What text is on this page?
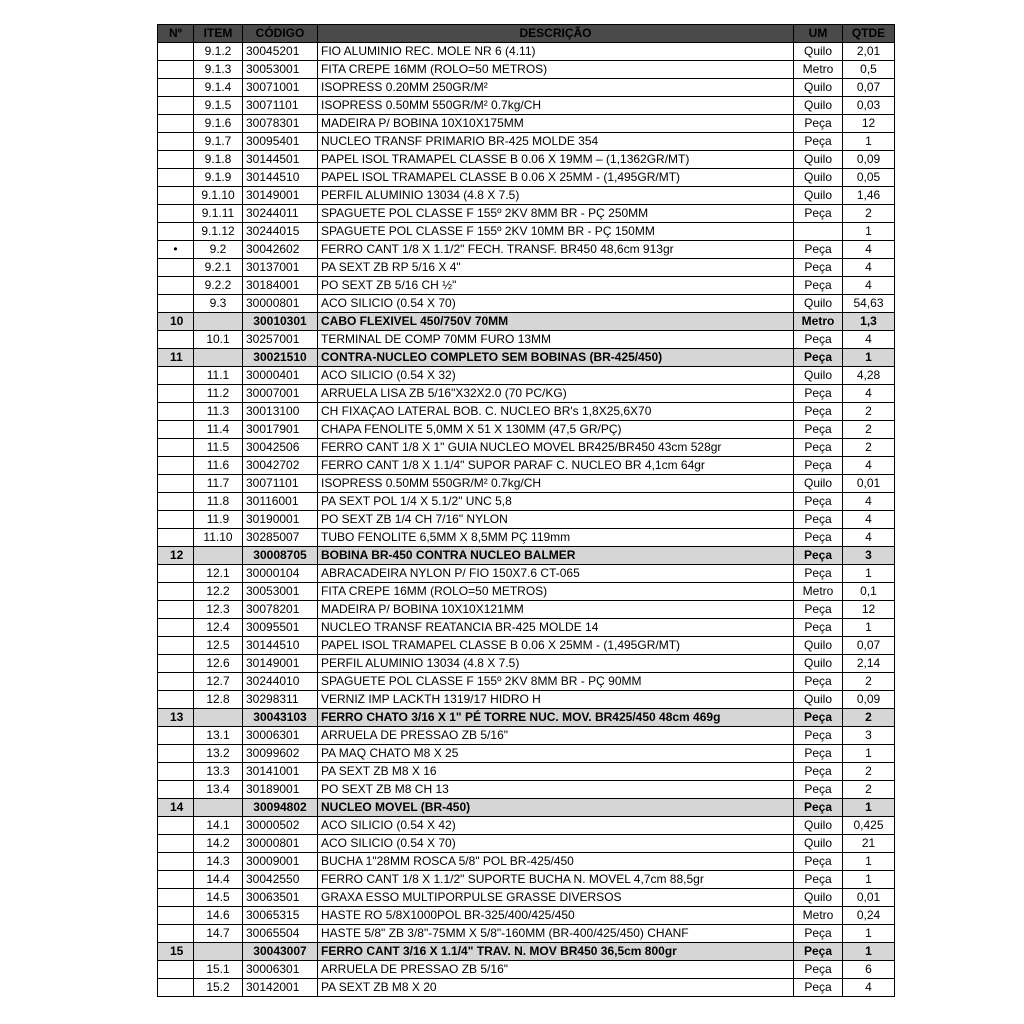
Nº	ITEM	CÓDIGO	DESCRIÇÃO	UM	QTDE
	9.1.2	30045201	FIO ALUMINIO REC. MOLE NR 6 (4.11)	Quilo	2,01
	9.1.3	30053001	FITA CREPE 16MM (ROLO=50 METROS)	Metro	0,5
	9.1.4	30071001	ISOPRESS 0.20MM 250GR/M²	Quilo	0,07
	9.1.5	30071101	ISOPRESS 0.50MM 550GR/M² 0.7kg/CH	Quilo	0,03
	9.1.6	30078301	MADEIRA P/ BOBINA 10X10X175MM	Peça	12
	9.1.7	30095401	NUCLEO TRANSF PRIMARIO BR-425 MOLDE 354	Peça	1
	9.1.8	30144501	PAPEL ISOL TRAMAPEL CLASSE B 0.06 X 19MM – (1,1362GR/MT)	Quilo	0,09
	9.1.9	30144510	PAPEL ISOL TRAMAPEL CLASSE B 0.06 X 25MM - (1,495GR/MT)	Quilo	0,05
	9.1.10	30149001	PERFIL ALUMINIO 13034 (4.8 X 7.5)	Quilo	1,46
	9.1.11	30244011	SPAGUETE POL CLASSE F 155º 2KV 8MM BR - PÇ 250MM	Peça	2
	9.1.12	30244015	SPAGUETE POL CLASSE F 155º 2KV 10MM BR - PÇ 150MM		1
•	9.2	30042602	FERRO CANT 1/8 X 1.1/2" FECH. TRANSF. BR450 48,6cm 913gr	Peça	4
	9.2.1	30137001	PA SEXT ZB RP 5/16 X 4"	Peça	4
	9.2.2	30184001	PO SEXT ZB 5/16 CH ½"	Peça	4
	9.3	30000801	ACO SILICIO (0.54 X 70)	Quilo	54,63
10		30010301	CABO FLEXIVEL 450/750V 70MM	Metro	1,3
	10.1	30257001	TERMINAL DE COMP 70MM FURO 13MM	Peça	4
11		30021510	CONTRA-NUCLEO COMPLETO SEM BOBINAS (BR-425/450)	Peça	1
	11.1	30000401	ACO SILICIO (0.54 X 32)	Quilo	4,28
	11.2	30007001	ARRUELA LISA ZB 5/16"X32X2.0 (70 PC/KG)	Peça	4
	11.3	30013100	CH FIXAÇAO LATERAL BOB. C. NUCLEO BR's 1,8X25,6X70	Peça	2
	11.4	30017901	CHAPA FENOLITE 5,0MM X 51 X 130MM (47,5 GR/PÇ)	Peça	2
	11.5	30042506	FERRO CANT 1/8 X 1" GUIA NUCLEO MOVEL BR425/BR450 43cm 528gr	Peça	2
	11.6	30042702	FERRO CANT 1/8 X 1.1/4" SUPOR PARAF C. NUCLEO BR 4,1cm 64gr	Peça	4
	11.7	30071101	ISOPRESS 0.50MM 550GR/M² 0.7kg/CH	Quilo	0,01
	11.8	30116001	PA SEXT POL 1/4 X 5.1/2" UNC 5,8	Peça	4
	11.9	30190001	PO SEXT ZB 1/4 CH 7/16" NYLON	Peça	4
	11.10	30285007	TUBO FENOLITE 6,5MM X 8,5MM PÇ 119mm	Peça	4
12		30008705	BOBINA BR-450 CONTRA NUCLEO BALMER	Peça	3
	12.1	30000104	ABRACADEIRA NYLON P/ FIO 150X7.6 CT-065	Peça	1
	12.2	30053001	FITA CREPE 16MM (ROLO=50 METROS)	Metro	0,1
	12.3	30078201	MADEIRA P/ BOBINA 10X10X121MM	Peça	12
	12.4	30095501	NUCLEO TRANSF REATANCIA BR-425 MOLDE 14	Peça	1
	12.5	30144510	PAPEL ISOL TRAMAPEL CLASSE B 0.06 X 25MM - (1,495GR/MT)	Quilo	0,07
	12.6	30149001	PERFIL ALUMINIO 13034 (4.8 X 7.5)	Quilo	2,14
	12.7	30244010	SPAGUETE POL CLASSE F 155º 2KV 8MM BR - PÇ 90MM	Peça	2
	12.8	30298311	VERNIZ IMP LACKTH 1319/17 HIDRO H	Quilo	0,09
13		30043103	FERRO CHATO 3/16 X 1" PÉ TORRE NUC. MOV. BR425/450 48cm 469g	Peça	2
	13.1	30006301	ARRUELA DE PRESSAO ZB 5/16"	Peça	3
	13.2	30099602	PA MAQ CHATO M8 X 25	Peça	1
	13.3	30141001	PA SEXT ZB M8 X 16	Peça	2
	13.4	30189001	PO SEXT ZB M8 CH 13	Peça	2
14		30094802	NUCLEO MOVEL (BR-450)	Peça	1
	14.1	30000502	ACO SILICIO (0.54 X 42)	Quilo	0,425
	14.2	30000801	ACO SILICIO (0.54 X 70)	Quilo	21
	14.3	30009001	BUCHA 1"28MM ROSCA 5/8" POL BR-425/450	Peça	1
	14.4	30042550	FERRO CANT 1/8 X 1.1/2" SUPORTE BUCHA N. MOVEL 4,7cm 88,5gr	Peça	1
	14.5	30063501	GRAXA ESSO MULTIPORPULSE GRASSE DIVERSOS	Quilo	0,01
	14.6	30065315	HASTE RO 5/8X1000POL BR-325/400/425/450	Metro	0,24
	14.7	30065504	HASTE 5/8" ZB 3/8"-75MM X 5/8"-160MM (BR-400/425/450) CHANF	Peça	1
15		30043007	FERRO CANT 3/16 X 1.1/4" TRAV. N. MOV BR450 36,5cm 800gr	Peça	1
	15.1	30006301	ARRUELA DE PRESSAO ZB 5/16"	Peça	6
	15.2	30142001	PA SEXT ZB M8 X 20	Peça	4
